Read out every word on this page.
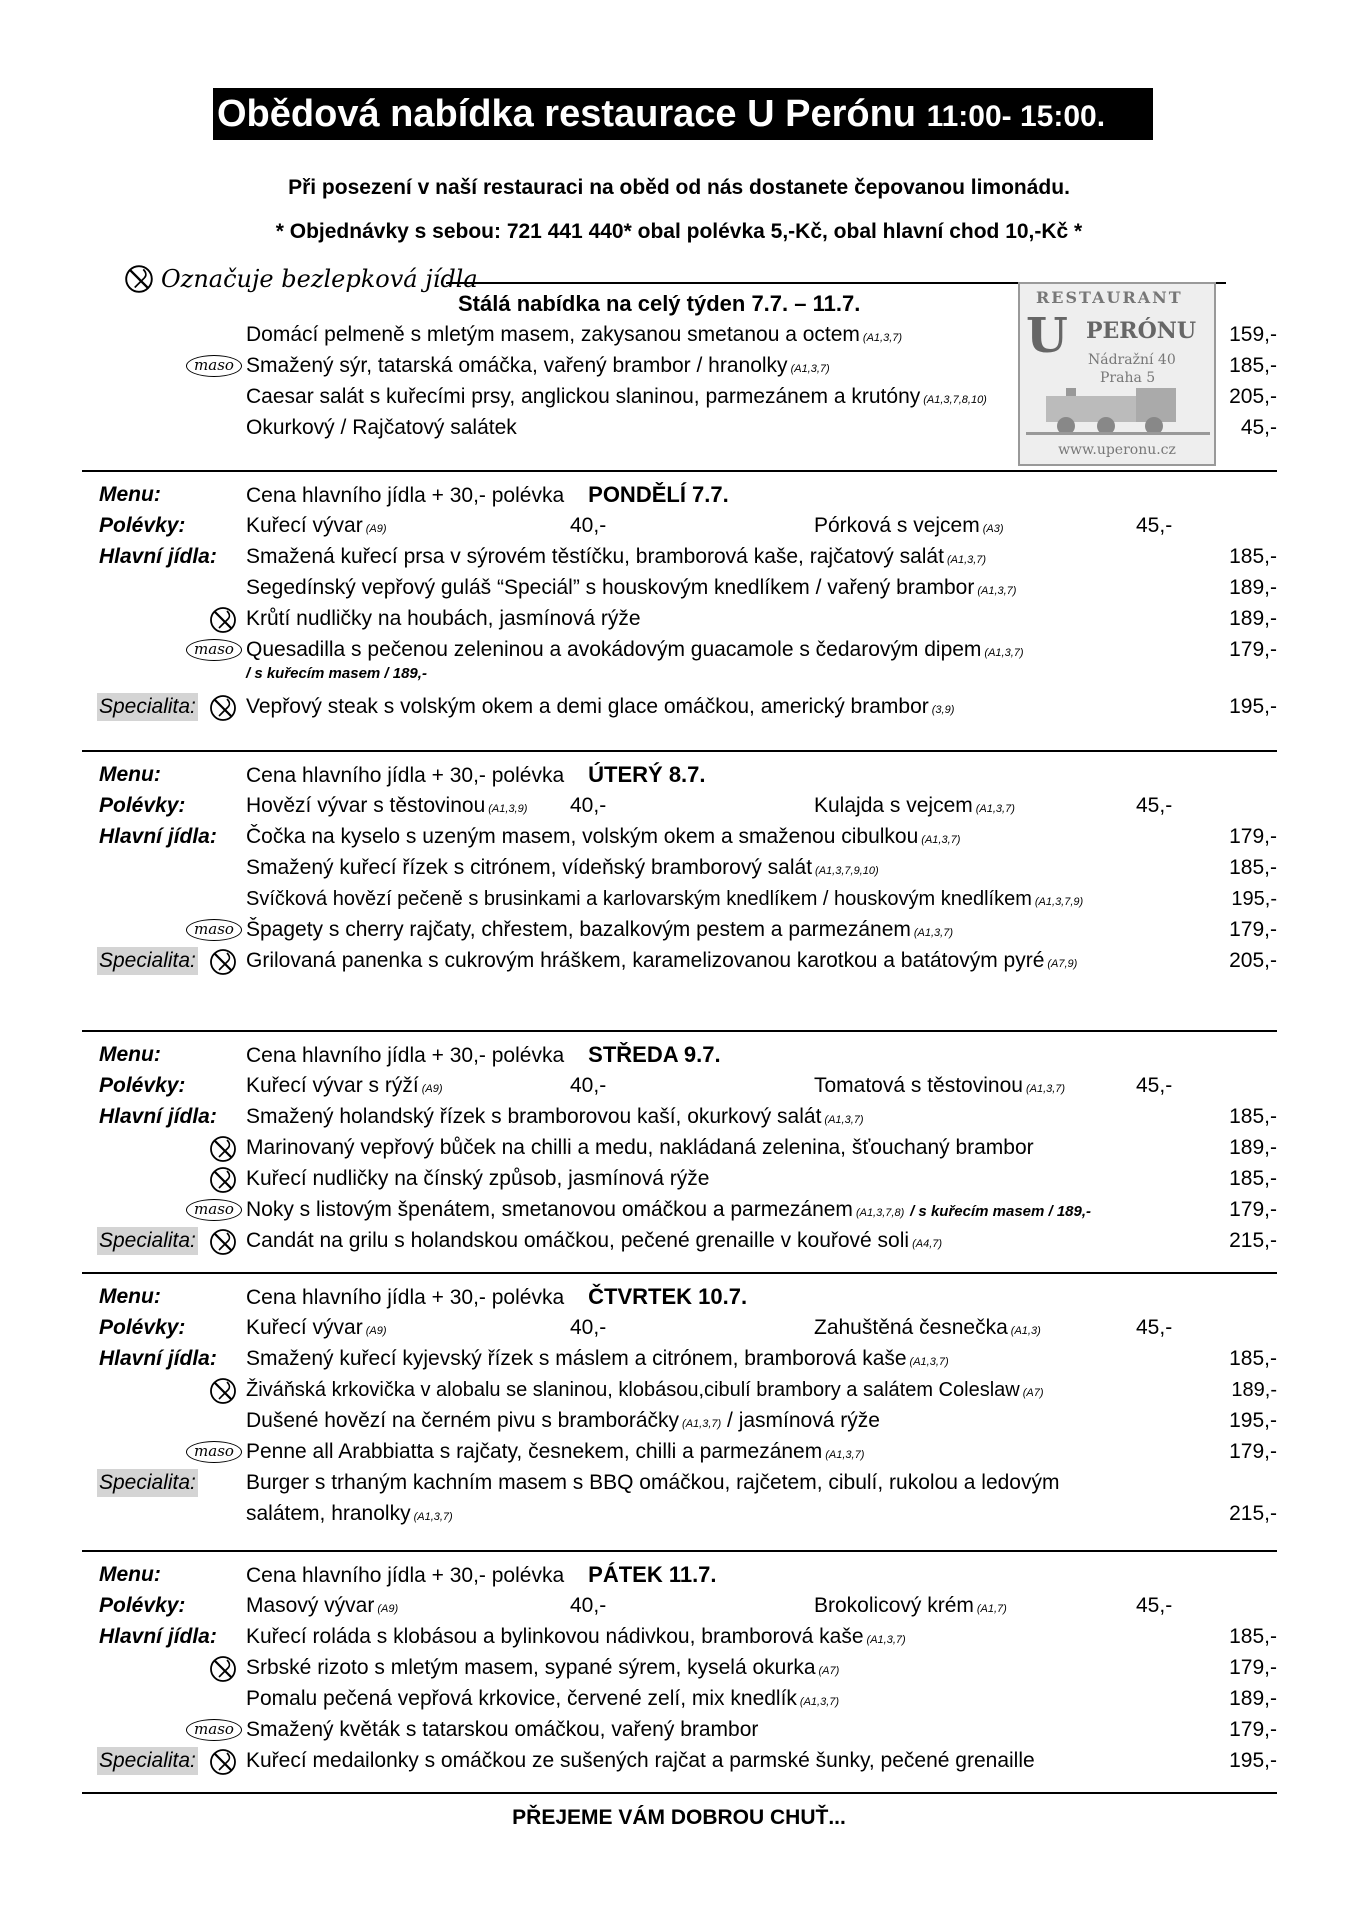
Obědová nabídka restaurace U Perónu 11:00- 15:00.
Při posezení v naší restauraci na oběd od nás dostanete čepovanou limonádu.
* Objednávky s sebou: 721 441 440* obal polévka 5,-Kč, obal hlavní chod 10,-Kč *
Označuje bezlepková jídla
Stálá nabídka na celý týden 7.7. – 11.7.	RESTAURANT
U PERÓNU
Nádražní 40
Praha 5
www.uperonu.cz
Domácí pelmeně s mletým masem, zakysanou smetanou a octem (A1,3,7)	159,-
maso Smažený sýr, tatarská omáčka, vařený brambor / hranolky (A1,3,7)	185,-
Caesar salát s kuřecími prsy, anglickou slaninou, parmezánem a krutóny (A1,3,7,8,10)	205,-
Okurkový / Rajčatový salátek	45,-
Menu:	Cena hlavního jídla + 30,- polévka PONDĚLÍ 7.7.
Polévky:	Kuřecí vývar (A9)	40,-	Pórková s vejcem (A3)	45,-
Hlavní jídla: Smažená kuřecí prsa v sýrovém těstíčku, bramborová kaše, rajčatový salát (A1,3,7)	185,-
Segedínský vepřový guláš “Speciál” s houskovým knedlíkem / vařený brambor (A1,3,7)	189,-
Krůtí nudličky na houbách, jasmínová rýže	189,-
maso Quesadilla s pečenou zeleninou a avokádovým guacamole s čedarovým dipem (A1,3,7)	179,-
/ s kuřecím masem / 189,-
Specialita: Vepřový steak s volským okem a demi glace omáčkou, americký brambor (3,9)	195,-
Menu:	Cena hlavního jídla + 30,- polévka ÚTERÝ 8.7.
Polévky:	Hovězí vývar s těstovinou (A1,3,9) 40,-	Kulajda s vejcem (A1,3,7)	45,-
Hlavní jídla: Čočka na kyselo s uzeným masem, volským okem a smaženou cibulkou (A1,3,7)	179,-
Smažený kuřecí řízek s citrónem, vídeňský bramborový salát (A1,3,7,9,10)	185,-
Svíčková hovězí pečeně s brusinkami a karlovarským knedlíkem / houskovým knedlíkem (A1,3,7,9)	195,-
maso Špagety s cherry rajčaty, chřestem, bazalkovým pestem a parmezánem (A1,3,7)	179,-
Specialita: Grilovaná panenka s cukrovým hráškem, karamelizovanou karotkou a batátovým pyré (A7,9)	205,-
Menu:	Cena hlavního jídla + 30,- polévka STŘEDA 9.7.
Polévky:	Kuřecí vývar s rýží (A9)	40,-	Tomatová s těstovinou (A1,3,7)	45,-
Hlavní jídla: Smažený holandský řízek s bramborovou kaší, okurkový salát (A1,3,7)	185,-
Marinovaný vepřový bůček na chilli a medu, nakládaná zelenina, šťouchaný brambor	189,-
Kuřecí nudličky na čínský způsob, jasmínová rýže	185,-
maso Noky s listovým špenátem, smetanovou omáčkou a parmezánem (A1,3,7,8) / s kuřecím masem / 189,-	179,-
Specialita: Candát na grilu s holandskou omáčkou, pečené grenaille v kouřové soli (A4,7)	215,-
Menu:	Cena hlavního jídla + 30,- polévka ČTVRTEK 10.7.
Polévky:	Kuřecí vývar (A9)	40,-	Zahuštěná česnečka (A1,3)	45,-
Hlavní jídla: Smažený kuřecí kyjevský řízek s máslem a citrónem, bramborová kaše (A1,3,7)	185,-
Živáňská krkovička v alobalu se slaninou, klobásou,cibulí brambory a salátem Coleslaw (A7)	189,-
Dušené hovězí na černém pivu s bramboráčky (A1,3,7) / jasmínová rýže	195,-
maso Penne all Arabbiatta s rajčaty, česnekem, chilli a parmezánem (A1,3,7)	179,-
Specialita: Burger s trhaným kachním masem s BBQ omáčkou, rajčetem, cibulí, rukolou a ledovým
salátem, hranolky (A1,3,7)	215,-
Menu:	Cena hlavního jídla + 30,- polévka PÁTEK 11.7.
Polévky:	Masový vývar (A9)	40,-	Brokolicový krém (A1,7)	45,-
Hlavní jídla: Kuřecí roláda s klobásou a bylinkovou nádivkou, bramborová kaše (A1,3,7)	185,-
Srbské rizoto s mletým masem, sypané sýrem, kyselá okurka (A7)	179,-
Pomalu pečená vepřová krkovice, červené zelí, mix knedlík (A1,3,7)	189,-
maso Smažený květák s tatarskou omáčkou, vařený brambor	179,-
Specialita: Kuřecí medailonky s omáčkou ze sušených rajčat a parmské šunky, pečené grenaille	195,-
PŘEJEME VÁM DOBROU CHUŤ...
